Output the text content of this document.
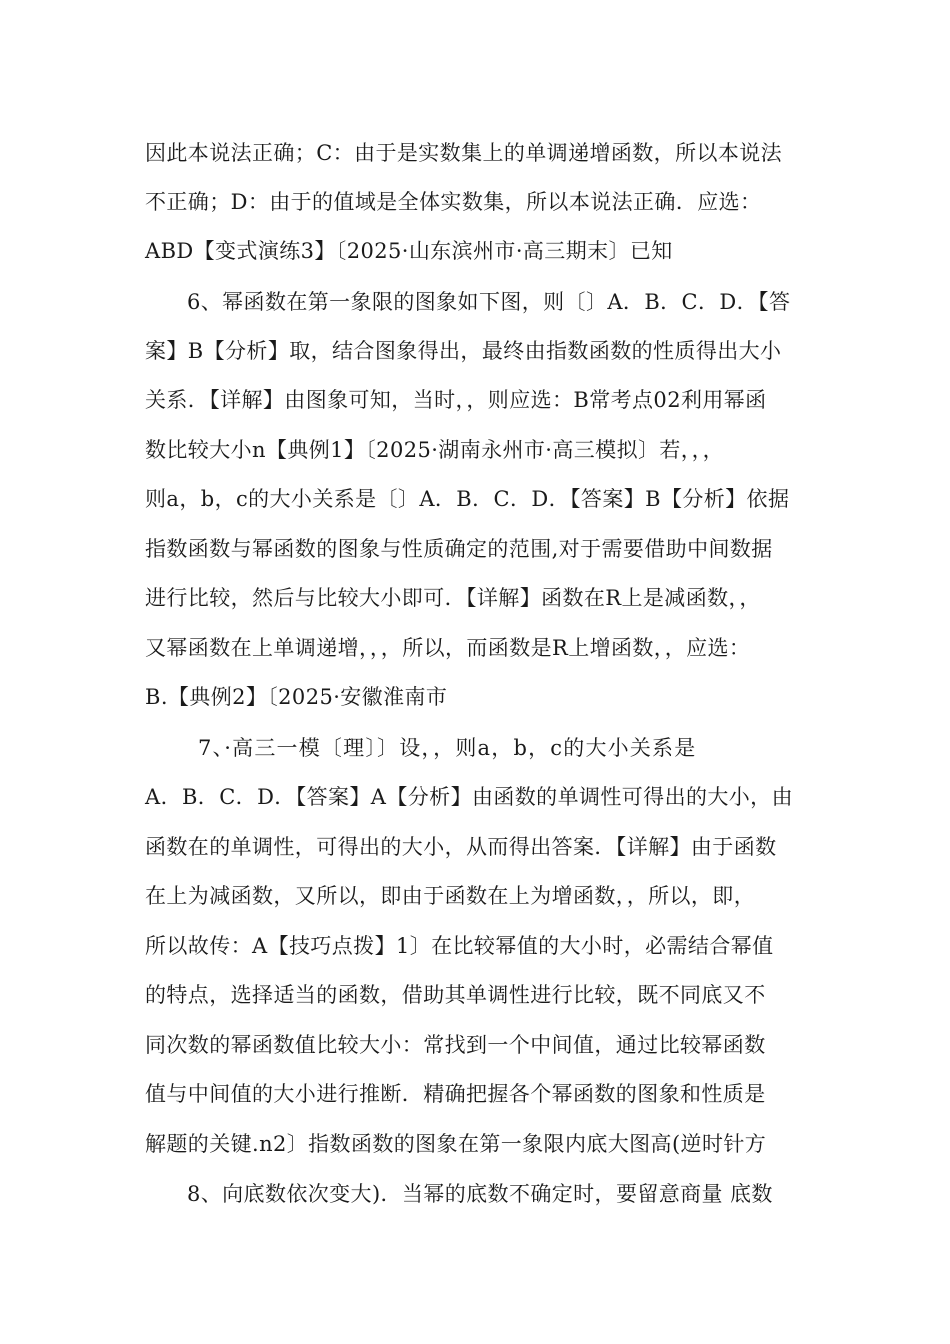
因此本说法正确；C：由于是实数集上的单调递增函数，所以本说法
不正确；D：由于的值域是全体实数集，所以本说法正确．应选：
ABD【变式演练3】〔2025·山东滨州市·高三期末〕已知
6、幂函数在第一象限的图象如下图，则〔〕A．B．C．D．【答
案】B【分析】取，结合图象得出，最终由指数函数的性质得出大小
关系．【详解】由图象可知，当时，，则应选：B常考点02利用幂函
数比较大小n【典例1】〔2025·湖南永州市·高三模拟〕若，，，
则a，b，c的大小关系是〔〕A．B．C．D．【答案】B【分析】依据
指数函数与幂函数的图象与性质确定的范围,对于需要借助中间数据
进行比较，然后与比较大小即可．【详解】函数在R上是减函数，，
又幂函数在上单调递增，，，所以，而函数是R上增函数，，应选：
B.【典例2】〔2025·安徽淮南市
7、·高三一模〔理〕〕设，，则a，b，c的大小关系是
A．B．C．D．【答案】A【分析】由函数的单调性可得出的大小，由
函数在的单调性，可得出的大小，从而得出答案．【详解】由于函数
在上为减函数，又所以，即由于函数在上为增函数，，所以，即，
所以故传：A【技巧点拨】1〕在比较幂值的大小时，必需结合幂值
的特点，选择适当的函数，借助其单调性进行比较，既不同底又不
同次数的幂函数值比较大小：常找到一个中间值，通过比较幂函数
值与中间值的大小进行推断．精确把握各个幂函数的图象和性质是
解题的关键.n2〕指数函数的图象在第一象限内底大图高(逆时针方
8、向底数依次变大)．当幂的底数不确定时，要留意商量 底数
